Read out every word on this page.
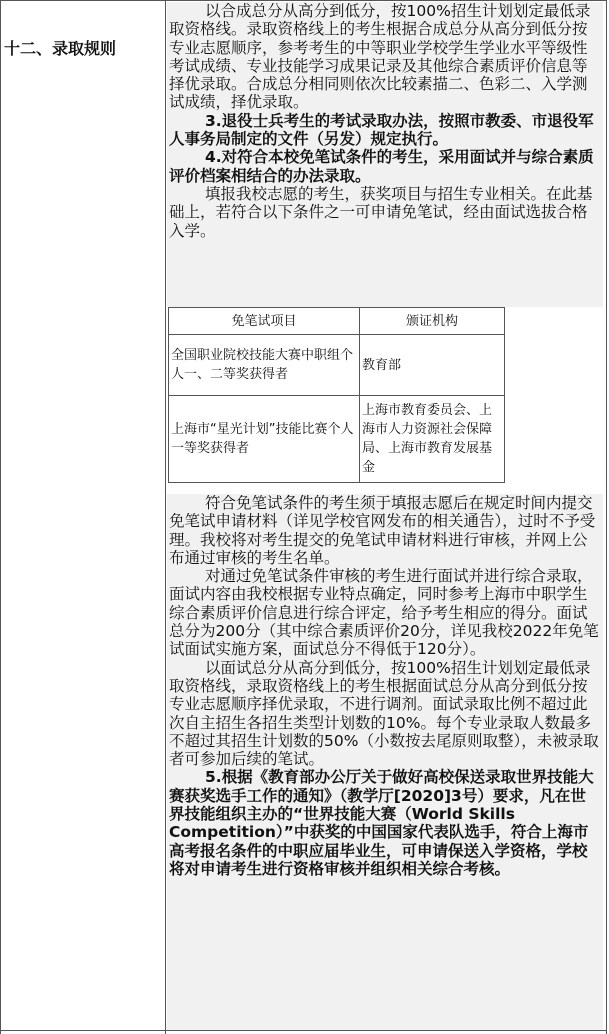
十二、录取规则

以合成总分从高分到低分，按100%招生计划划定最低录取资格线。录取资格线上的考生根据合成总分从高分到低分按专业志愿顺序，参考考生的中等职业学校学生学业水平等级性考试成绩、专业技能学习成果记录及其他综合素质评价信息等择优录取。合成总分相同则依次比较素描二、色彩二、入学测试成绩，择优录取。

3.退役士兵考生的考试录取办法，按照市教委、市退役军人事务局制定的文件（另发）规定执行。

4.对符合本校免笔试条件的考生，采用面试并与综合素质评价档案相结合的办法录取。

填报我校志愿的考生，获奖项目与招生专业相关。在此基础上，若符合以下条件之一可申请免笔试，经由面试选拔合格入学。

免笔试项目	颁证机构
全国职业院校技能大赛中职组个人一、二等奖获得者	教育部
上海市“星光计划”技能比赛个人一等奖获得者	上海市教育委员会、上海市人力资源社会保障局、上海市教育发展基金

符合免笔试条件的考生须于填报志愿后在规定时间内提交免笔试申请材料（详见学校官网发布的相关通告），过时不予受理。我校将对考生提交的免笔试申请材料进行审核，并网上公布通过审核的考生名单。

对通过免笔试条件审核的考生进行面试并进行综合录取，面试内容由我校根据专业特点确定，同时参考上海市中职学生综合素质评价信息进行综合评定，给予考生相应的得分。面试总分为200分（其中综合素质评价20分，详见我校2022年免笔试面试实施方案，面试总分不得低于120分）。

以面试总分从高分到低分，按100%招生计划划定最低录取资格线，录取资格线上的考生根据面试总分从高分到低分按专业志愿顺序择优录取，不进行调剂。面试录取比例不超过此次自主招生各招生类型计划数的10%。每个专业录取人数最多不超过其招生计划数的50%（小数按去尾原则取整），未被录取者可参加后续的笔试。

5.根据《教育部办公厅关于做好高校保送录取世界技能大赛获奖选手工作的通知》（教学厅[2020]3号）要求，凡在世界技能组织主办的“世界技能大赛（World Skills Competition）”中获奖的中国国家代表队选手，符合上海市高考报名条件的中职应届毕业生，可申请保送入学资格，学校将对申请考生进行资格审核并组织相关综合考核。
